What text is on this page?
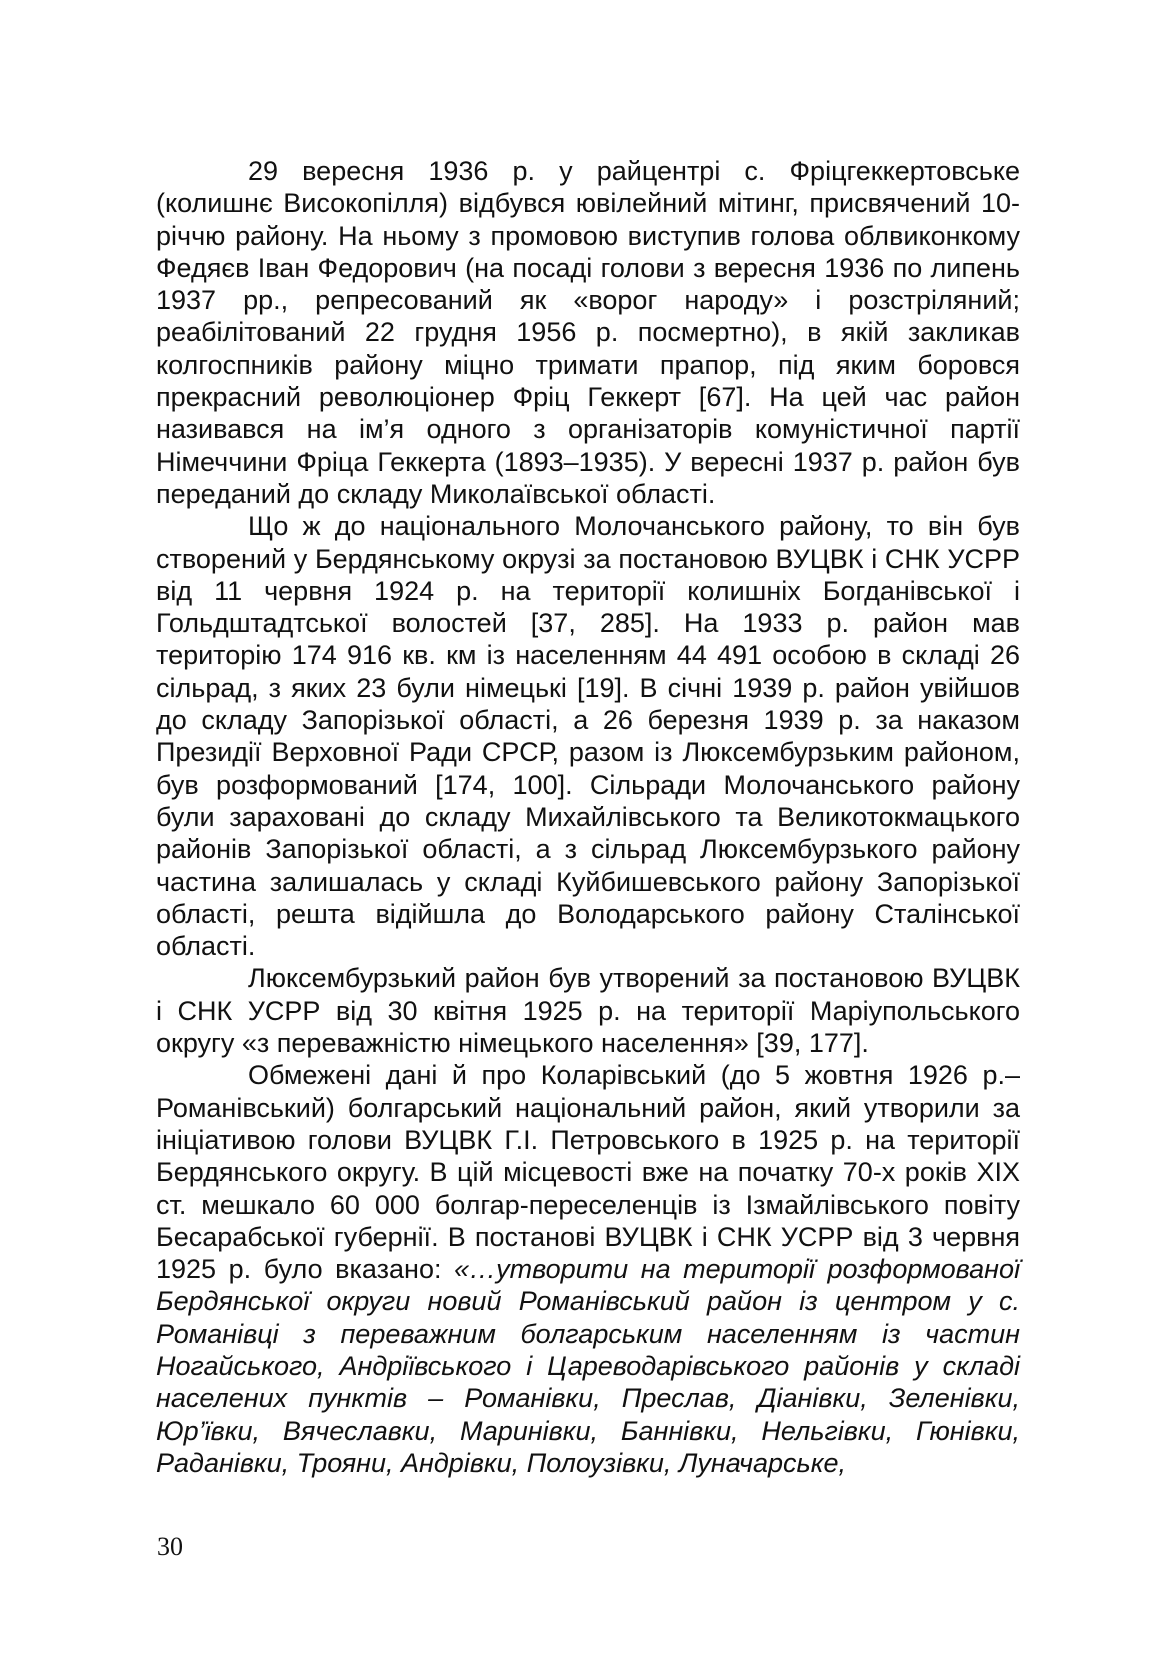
29 вересня 1936 р. у райцентрі с. Фріцгеккертовське (колишнє Високопілля) відбувся ювілейний мітинг, присвячений 10-річчю району. На ньому з промовою виступив голова облвиконкому Федяєв Іван Федорович (на посаді голови з вересня 1936 по липень 1937 рр., репресований як «ворог народу» і розстріляний; реабілітований 22 грудня 1956 р. посмертно), в якій закликав колгоспників району міцно тримати прапор, під яким боровся прекрасний революціонер Фріц Геккерт [67]. На цей час район називався на ім’я одного з організаторів комуністичної партії Німеччини Фріца Геккерта (1893–1935). У вересні 1937 р. район був переданий до складу Миколаївської області.

Що ж до національного Молочанського району, то він був створений у Бердянському окрузі за постановою ВУЦВК і СНК УСРР від 11 червня 1924 р. на території колишніх Богданівської і Гольдштадтської волостей [37, 285]. На 1933 р. район мав територію 174 916 кв. км із населенням 44 491 особою в складі 26 сільрад, з яких 23 були німецькі [19]. В січні 1939 р. район увійшов до складу Запорізької області, а 26 березня 1939 р. за наказом Президії Верховної Ради СРСР, разом із Люксембурзьким районом, був розформований [174, 100]. Сільради Молочанського району були зараховані до складу Михайлівського та Великотокмацького районів Запорізької області, а з сільрад Люксембурзького району частина залишалась у складі Куйбишевського району Запорізької області, решта відійшла до Володарського району Сталінської області.

Люксембурзький район був утворений за постановою ВУЦВК і СНК УСРР від 30 квітня 1925 р. на території Маріупольського округу «з переважністю німецького населення» [39, 177].

Обмежені дані й про Коларівський (до 5 жовтня 1926 р.– Романівський) болгарський національний район, який утворили за ініціативою голови ВУЦВК Г.І. Петровського в 1925 р. на території Бердянського округу. В цій місцевості вже на початку 70-х років XIX ст. мешкало 60 000 болгар-переселенців із Ізмайлівського повіту Бесарабської губернії. В постанові ВУЦВК і СНК УСРР від 3 червня 1925 р. було вказано: «…утворити на території розформованої Бердянської округи новий Романівський район із центром у с. Романівці з переважним болгарським населенням із частин Ногайського, Андріївського і Цареводарівського районів у складі населених пунктів – Романівки, Преслав, Діанівки, Зеленівки, Юр’ївки, Вячеславки, Маринівки, Баннівки, Нельгівки, Гюнівки, Раданівки, Трояни, Андрівки, Полоузівки, Луначарське,

30
